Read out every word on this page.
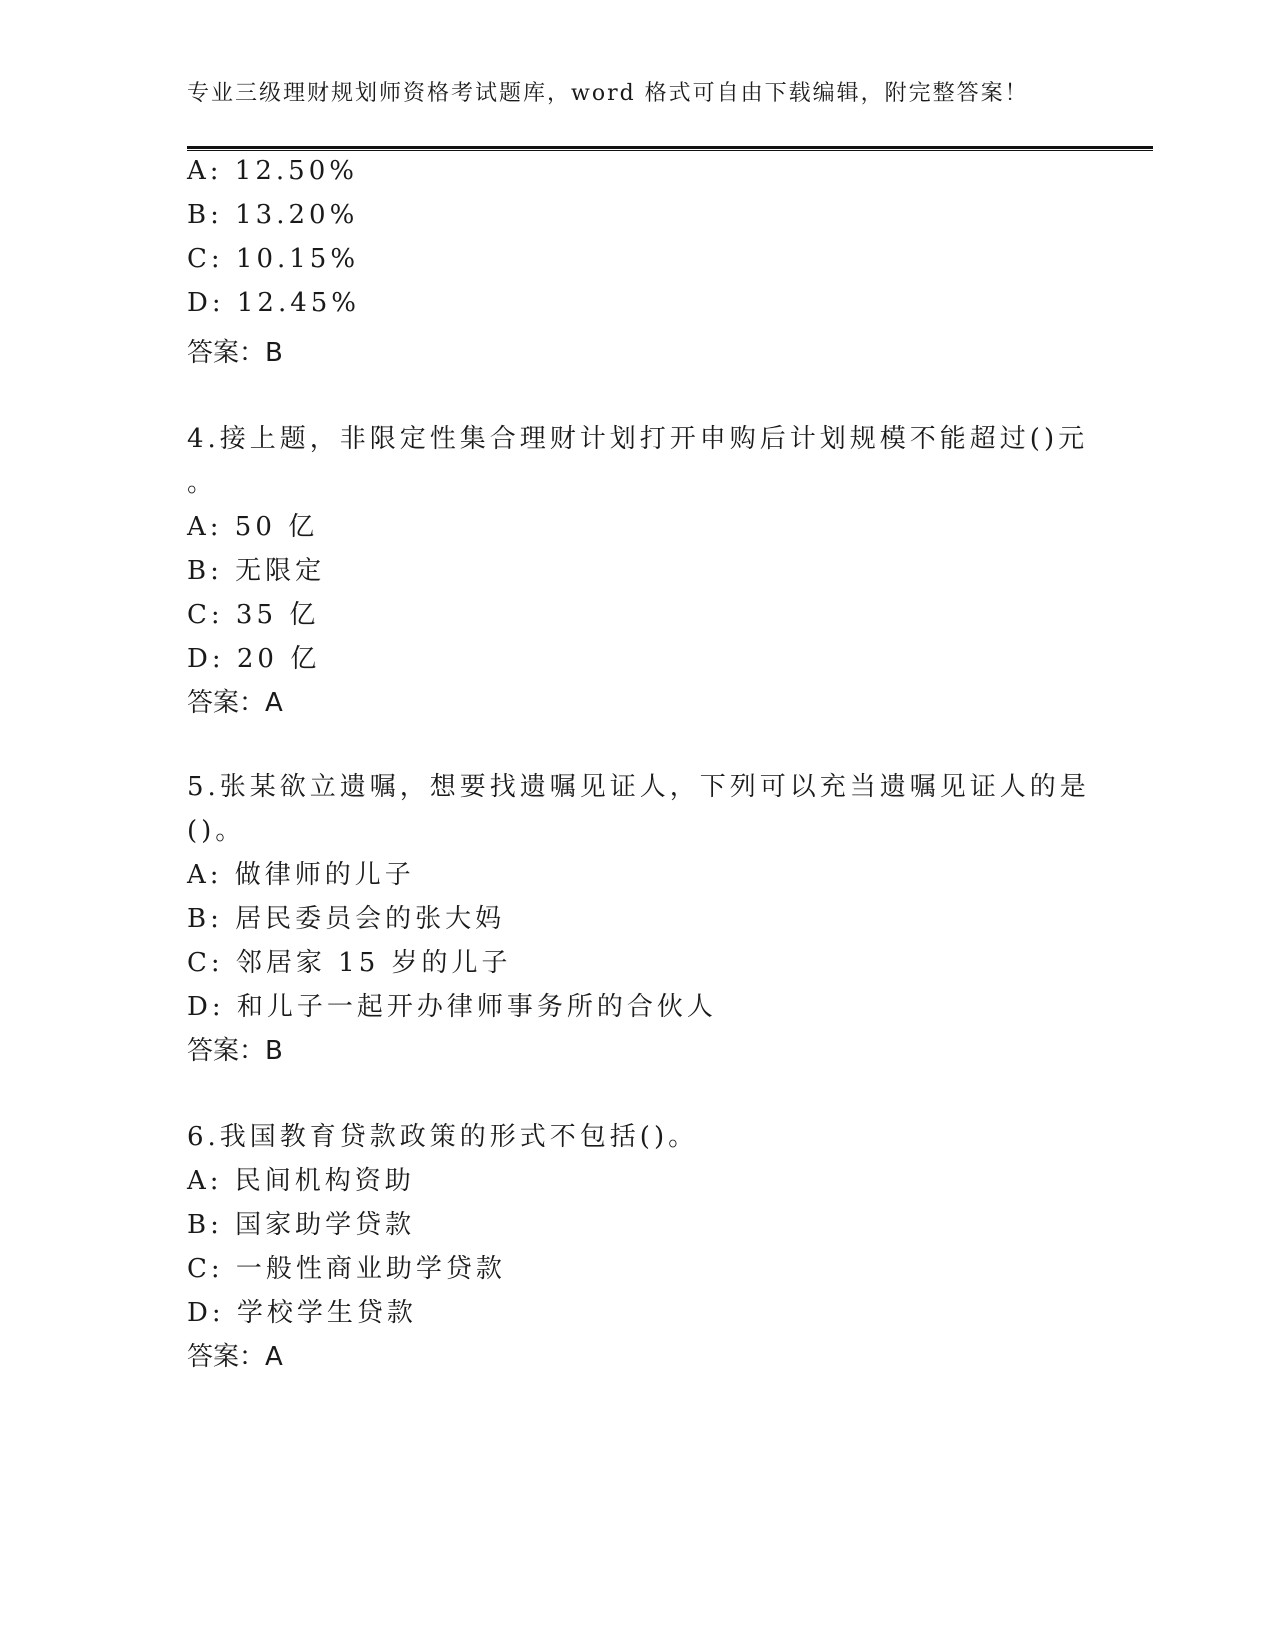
专业三级理财规划师资格考试题库，word 格式可自由下载编辑，附完整答案！
A: 12.50%
B: 13.20%
C: 10.15%
D: 12.45%
答案：B
4.接上题，非限定性集合理财计划打开申购后计划规模不能超过()元
。
A: 50 亿
B: 无限定
C: 35 亿
D: 20 亿
答案：A
5.张某欲立遗嘱，想要找遗嘱见证人，下列可以充当遗嘱见证人的是
()。
A: 做律师的儿子
B: 居民委员会的张大妈
C: 邻居家 15 岁的儿子
D: 和儿子一起开办律师事务所的合伙人
答案：B
6.我国教育贷款政策的形式不包括()。
A: 民间机构资助
B: 国家助学贷款
C: 一般性商业助学贷款
D: 学校学生贷款
答案：A
